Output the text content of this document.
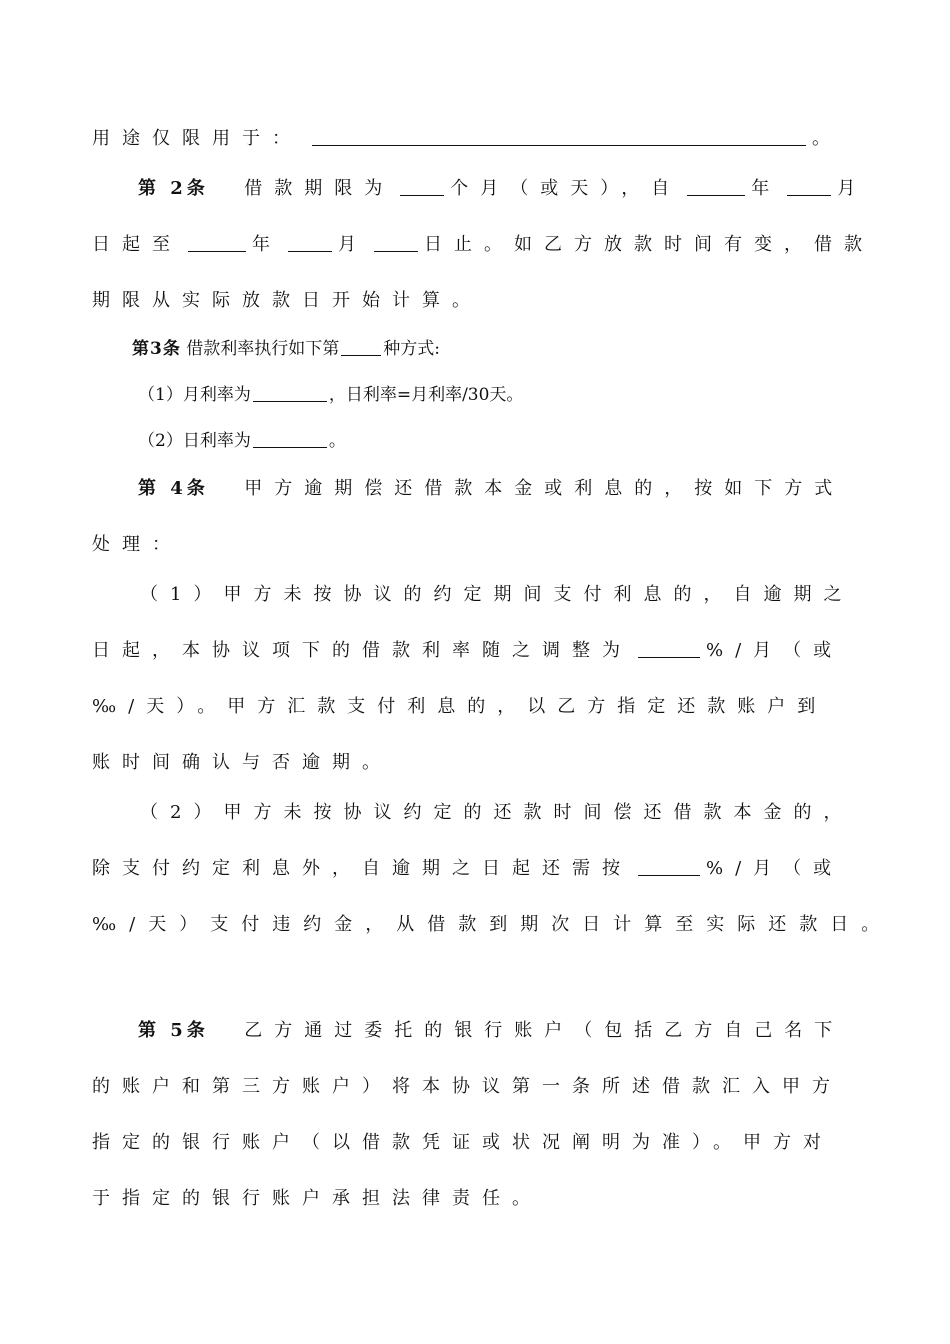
用途仅限用于：	。
第 2条 借款期限为	个月（或天），自	年	月
日起至	年	月	日止。如乙方放款时间有变，借款
期限从实际放款日开始计算。
第3条 借款利率执行如下第	种方式:
（1）月利率为	，日利率=月利率/30天。
（2）日利率为	。
第 4条 甲方逾期偿还借款本金或利息的，按如下方式
处理：
（1）甲方未按协议的约定期间支付利息的，自逾期之
日起，本协议项下的借款利率随之调整为	%/月（或
‰/天）。甲方汇款支付利息的，以乙方指定还款账户到
账时间确认与否逾期。
（2）甲方未按协议约定的还款时间偿还借款本金的，
除支付约定利息外，自逾期之日起还需按	%/月（或
‰/天）支付违约金，从借款到期次日计算至实际还款日。
第 5条 乙方通过委托的银行账户（包括乙方自己名下
的账户和第三方账户）将本协议第一条所述借款汇入甲方
指定的银行账户（以借款凭证或状况阐明为准）。甲方对
于指定的银行账户承担法律责任。
